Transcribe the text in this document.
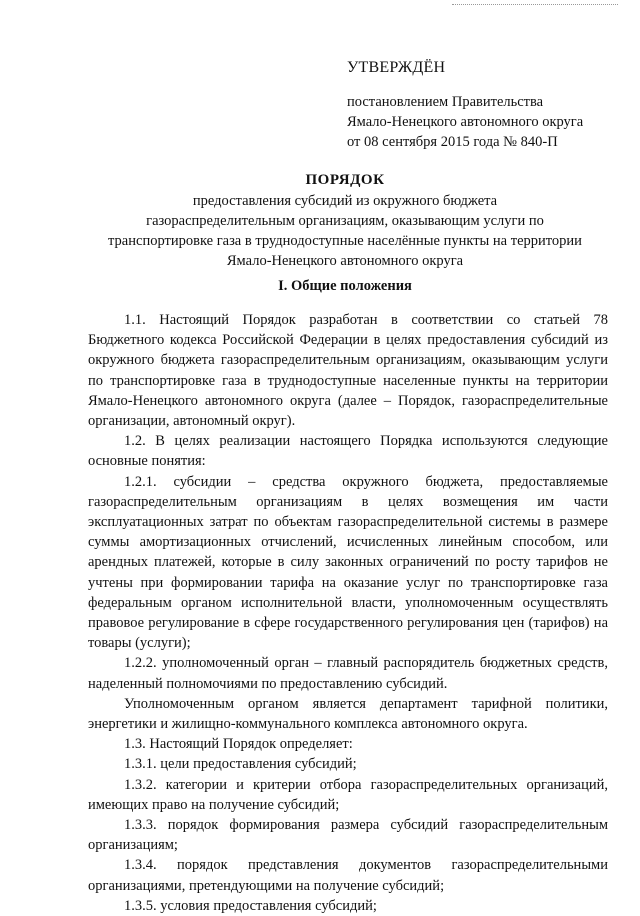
УТВЕРЖДЁН
постановлением Правительства
Ямало-Ненецкого автономного округа
от 08 сентября 2015 года № 840-П
ПОРЯДОК
предоставления субсидий из окружного бюджета
газораспределительным организациям, оказывающим услуги по
транспортировке газа в труднодоступные населённые пункты на территории
Ямало-Ненецкого автономного округа
I. Общие положения

1.1. Настоящий Порядок разработан в соответствии со статьей 78 Бюджетного кодекса Российской Федерации в целях предоставления субсидий из окружного бюджета газораспределительным организациям, оказывающим услуги по транспортировке газа в труднодоступные населенные пункты на территории Ямало-Ненецкого автономного округа (далее – Порядок, газораспределительные организации, автономный округ).

1.2. В целях реализации настоящего Порядка используются следующие основные понятия:

1.2.1. субсидии – средства окружного бюджета, предоставляемые газораспределительным организациям в целях возмещения им части эксплуатационных затрат по объектам газораспределительной системы в размере суммы амортизационных отчислений, исчисленных линейным способом, или арендных платежей, которые в силу законных ограничений по росту тарифов не учтены при формировании тарифа на оказание услуг по транспортировке газа федеральным органом исполнительной власти, уполномоченным осуществлять правовое регулирование в сфере государственного регулирования цен (тарифов) на товары (услуги);

1.2.2. уполномоченный орган – главный распорядитель бюджетных средств, наделенный полномочиями по предоставлению субсидий.

Уполномоченным органом является департамент тарифной политики, энергетики и жилищно-коммунального комплекса автономного округа.

1.3. Настоящий Порядок определяет:

1.3.1. цели предоставления субсидий;

1.3.2. категории и критерии отбора газораспределительных организаций, имеющих право на получение субсидий;

1.3.3. порядок формирования размера субсидий газораспределительным организациям;

1.3.4. порядок представления документов газораспределительными организациями, претендующими на получение субсидий;

1.3.5. условия предоставления субсидий;
